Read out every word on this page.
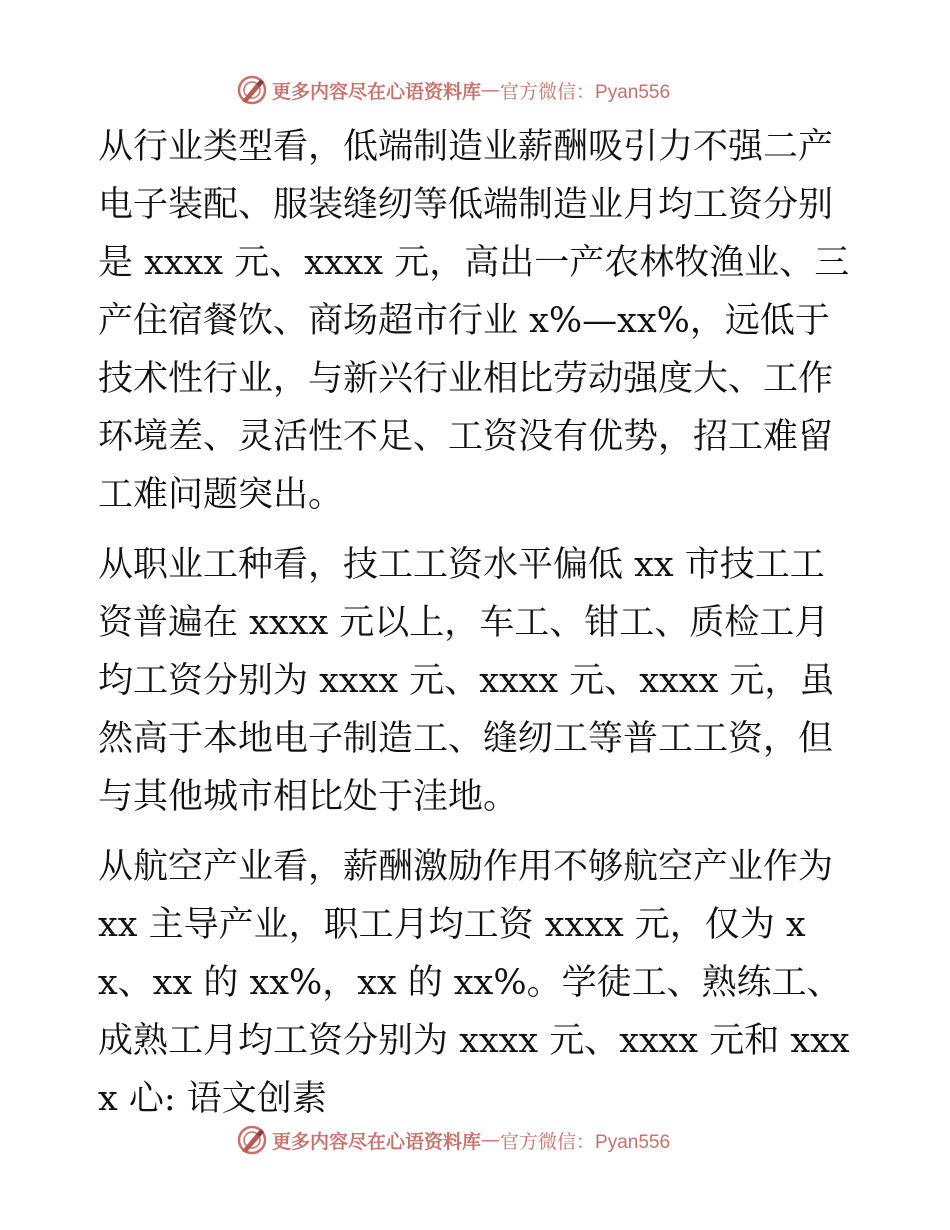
更多内容尽在心语资料库 — 官方微信：Pyan556

从行业类型看，低端制造业薪酬吸引力不强二产电子装配、服装缝纫等低端制造业月均工资分别是 xxxx 元、xxxx 元，高出一产农林牧渔业、三产住宿餐饮、商场超市行业 x%—xx%，远低于技术性行业，与新兴行业相比劳动强度大、工作环境差、灵活性不足、工资没有优势，招工难留工难问题突出。

从职业工种看，技工工资水平偏低 xx 市技工工资普遍在 xxxx 元以上，车工、钳工、质检工月均工资分别为 xxxx 元、xxxx 元、xxxx 元，虽然高于本地电子制造工、缝纫工等普工工资，但与其他城市相比处于洼地。

从航空产业看，薪酬激励作用不够航空产业作为 xx 主导产业，职工月均工资 xxxx 元，仅为 xx、xx 的 xx%，xx 的 xx%。学徒工、熟练工、成熟工月均工资分别为 xxxx 元、xxxx 元和 xxxx 心: 语文创素

更多内容尽在心语资料库 — 官方微信：Pyan556
